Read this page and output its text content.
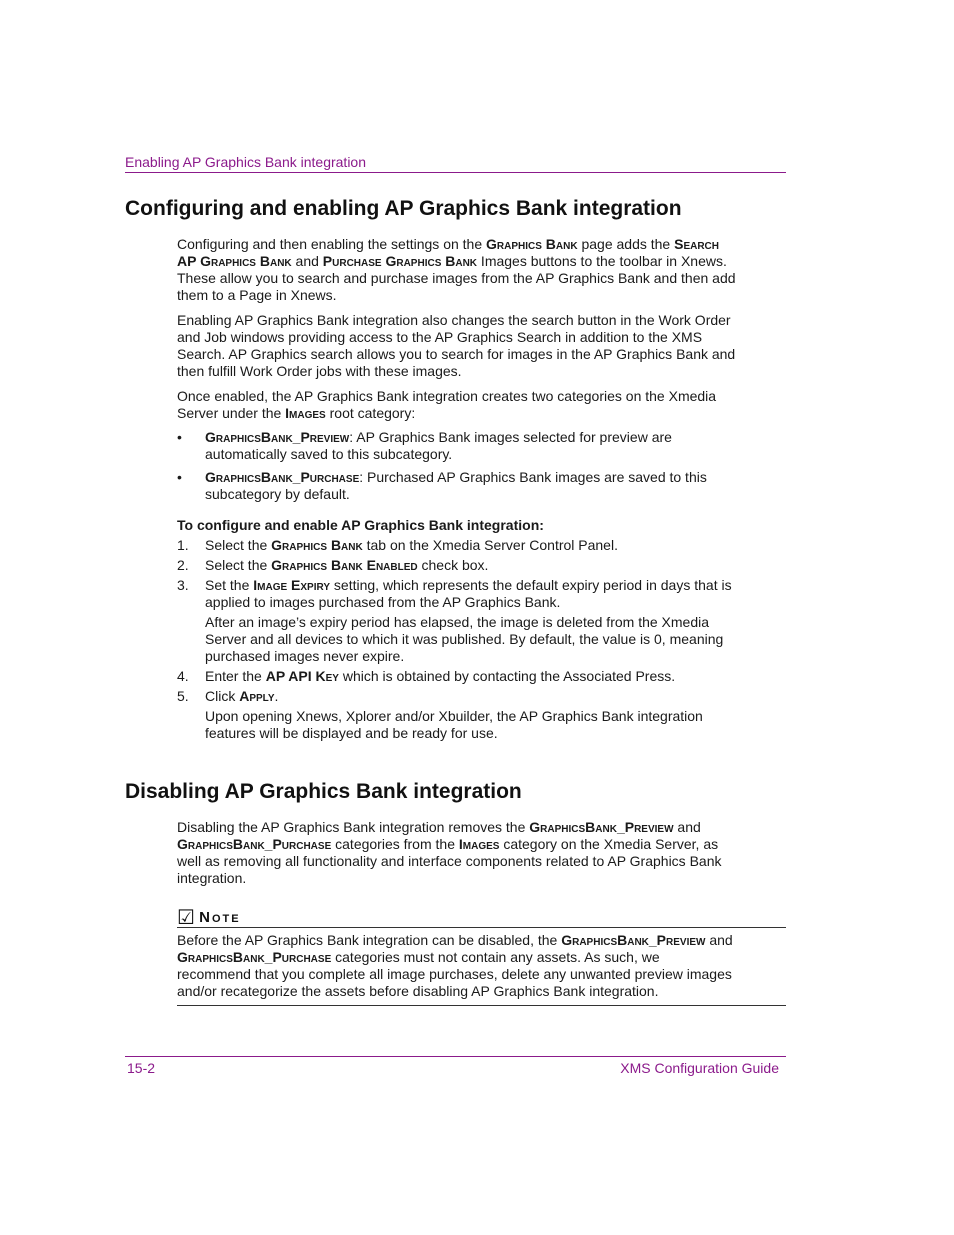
Enabling AP Graphics Bank integration
Configuring and enabling AP Graphics Bank integration

Configuring and then enabling the settings on the Graphics Bank page adds the Search AP Graphics Bank and Purchase Graphics Bank Images buttons to the toolbar in Xnews. These allow you to search and purchase images from the AP Graphics Bank and then add them to a Page in Xnews.

Enabling AP Graphics Bank integration also changes the search button in the Work Order and Job windows providing access to the AP Graphics Search in addition to the XMS Search. AP Graphics search allows you to search for images in the AP Graphics Bank and then fulfill Work Order jobs with these images.

Once enabled, the AP Graphics Bank integration creates two categories on the Xmedia Server under the Images root category:

• GraphicsBank_Preview: AP Graphics Bank images selected for preview are automatically saved to this subcategory.
• GraphicsBank_Purchase: Purchased AP Graphics Bank images are saved to this subcategory by default.
To configure and enable AP Graphics Bank integration:
1. Select the Graphics Bank tab on the Xmedia Server Control Panel.
2. Select the Graphics Bank Enabled check box.
3. Set the Image Expiry setting, which represents the default expiry period in days that is applied to images purchased from the AP Graphics Bank.
After an image’s expiry period has elapsed, the image is deleted from the Xmedia Server and all devices to which it was published. By default, the value is 0, meaning purchased images never expire.
4. Enter the AP API Key which is obtained by contacting the Associated Press.
5. Click Apply.
Upon opening Xnews, Xplorer and/or Xbuilder, the AP Graphics Bank integration features will be displayed and be ready for use.
Disabling AP Graphics Bank integration

Disabling the AP Graphics Bank integration removes the GraphicsBank_Preview and GraphicsBank_Purchase categories from the Images category on the Xmedia Server, as well as removing all functionality and interface components related to AP Graphics Bank integration.

☑ Note

Before the AP Graphics Bank integration can be disabled, the GraphicsBank_Preview and GraphicsBank_Purchase categories must not contain any assets. As such, we recommend that you complete all image purchases, delete any unwanted preview images and/or recategorize the assets before disabling AP Graphics Bank integration.

15-2	XMS Configuration Guide
